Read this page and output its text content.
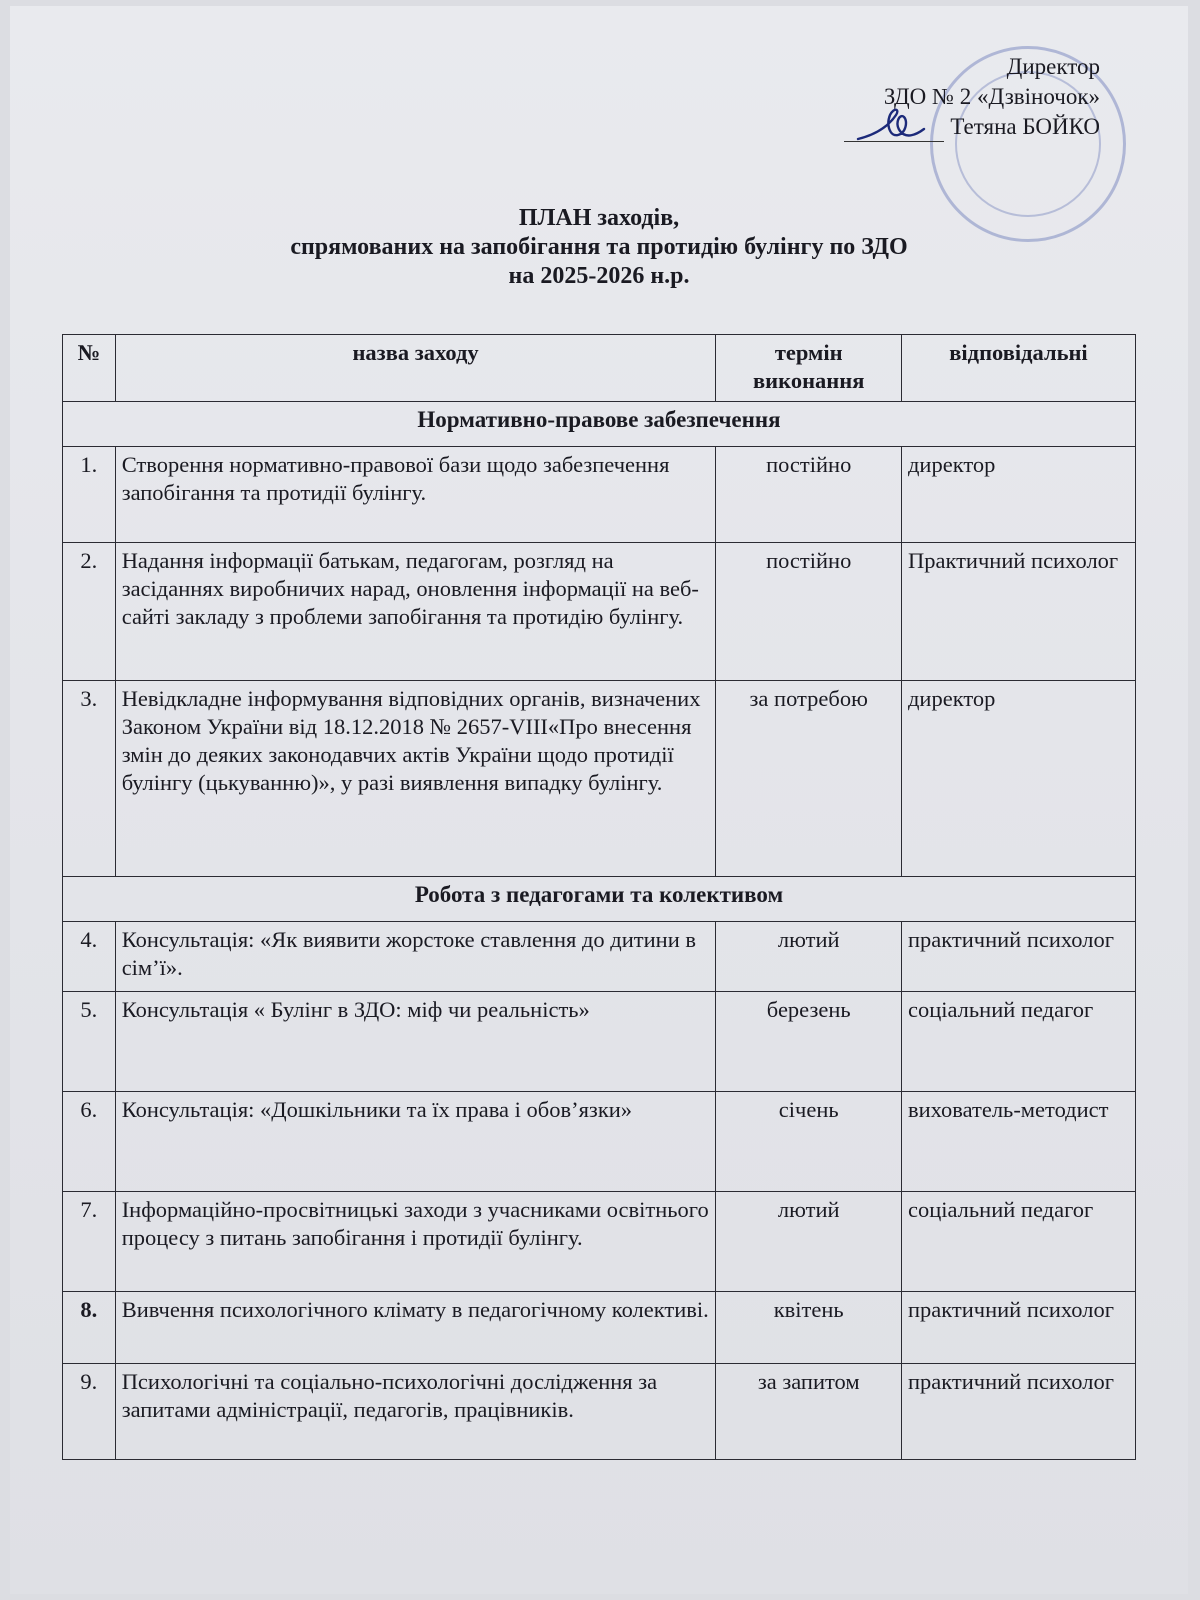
Директор
ЗДО № 2 «Дзвіночок»
Тетяна БОЙКО
ПЛАН заходів,
спрямованих на запобігання та протидію булінгу по ЗДО
на 2025-2026 н.р.
№	назва заходу	термін виконання	відповідальні
Нормативно-правове забезпечення			
1.	Створення нормативно-правової бази щодо забезпечення запобігання та протидії булінгу.	постійно	директор
2.	Надання інформації батькам, педагогам, розгляд на засіданнях виробничих нарад, оновлення інформації на веб-сайті закладу з проблеми запобігання та протидію булінгу.	постійно	Практичний психолог
3.	Невідкладне інформування відповідних органів, визначених Законом України від 18.12.2018 № 2657-VIII«Про внесення змін до деяких законодавчих актів України щодо протидії булінгу (цькуванню)», у разі виявлення випадку булінгу.	за потребою	директор
Робота з педагогами та колективом			
4.	Консультація: «Як виявити жорстоке ставлення до дитини в сім’ї».	лютий	практичний психолог
5.	Консультація « Булінг в ЗДО: міф чи реальність»	березень	соціальний педагог
6.	Консультація: «Дошкільники та їх права і обов’язки»	січень	вихователь-методист
7.	Інформаційно-просвітницькі заходи з учасниками освітнього процесу з питань запобігання і протидії булінгу.	лютий	соціальний педагог
8.	Вивчення психологічного клімату в педагогічному колективі.	квітень	практичний психолог
9.	Психологічні та соціально-психологічні дослідження за запитами адміністрації, педагогів, працівників.	за запитом	практичний психолог
